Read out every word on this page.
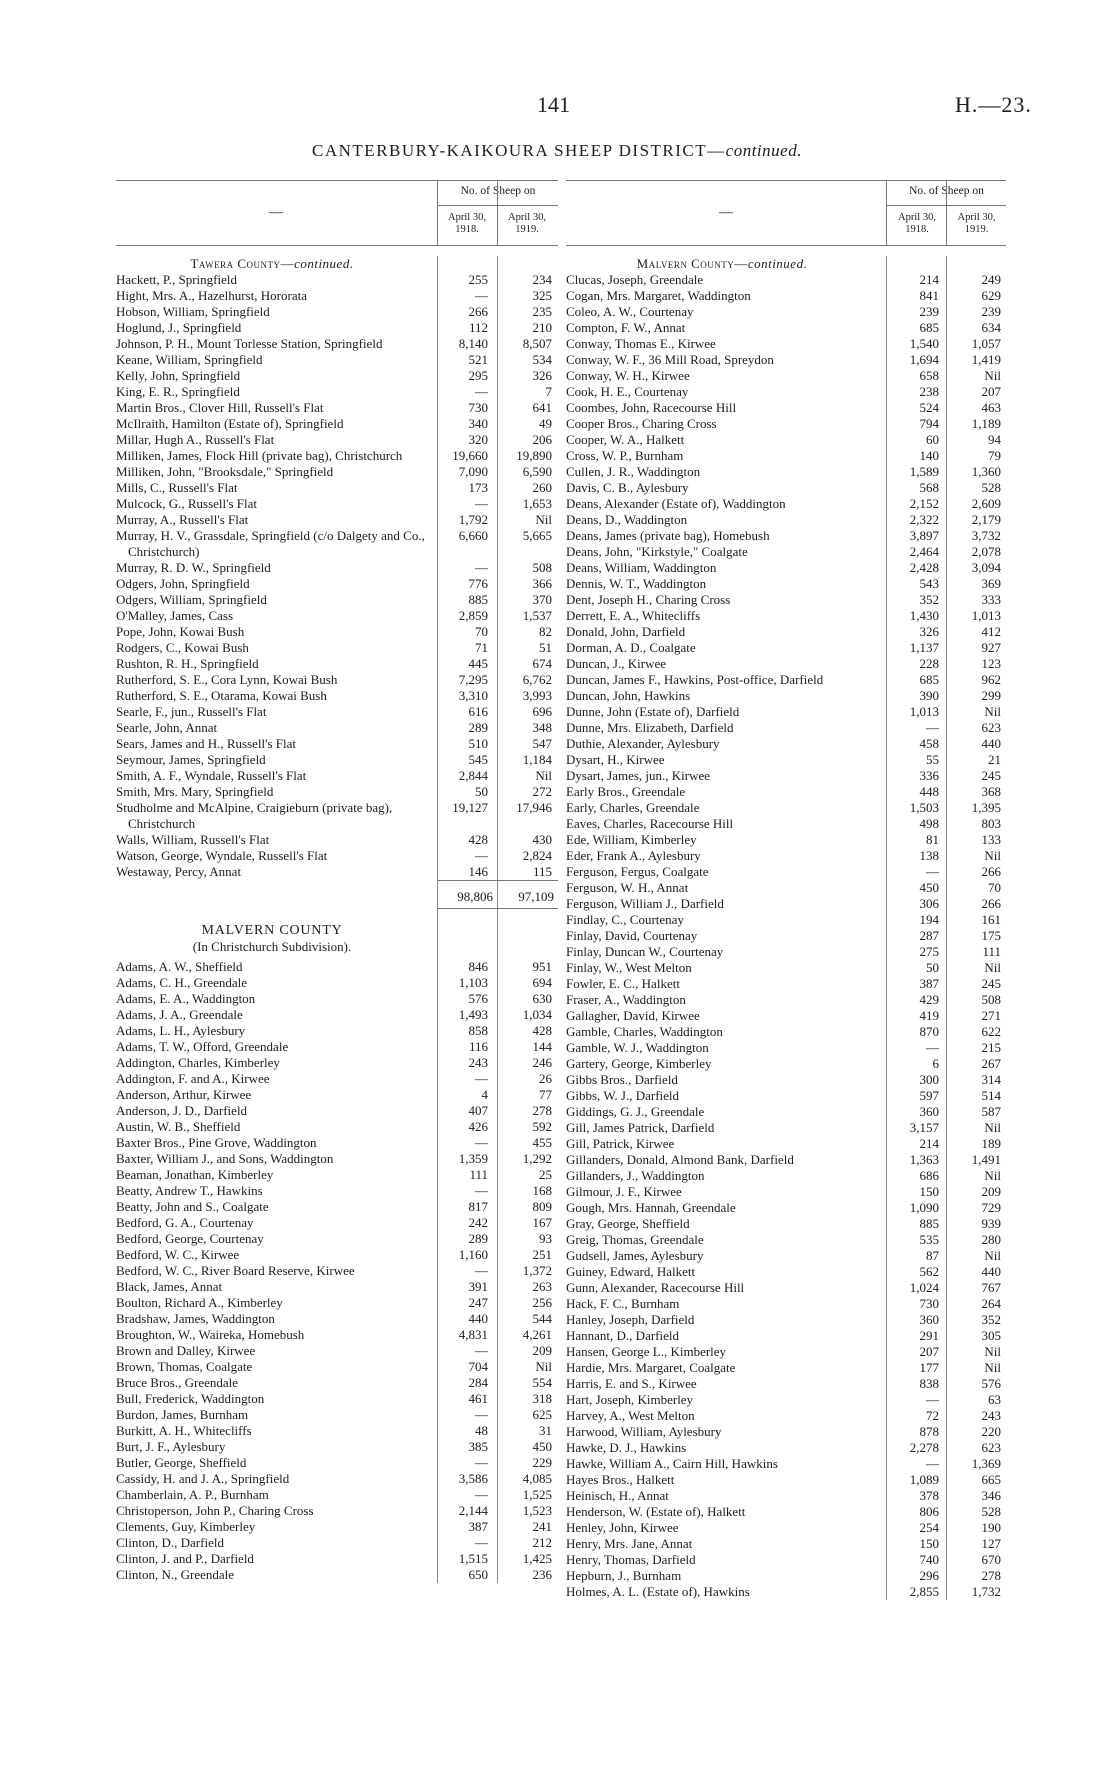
141	H.—23.
CANTERBURY-KAIKOURA SHEEP DISTRICT—continued.
—
No. of Sheep on
April 30, 1918.
April 30, 1919.
Tawera County—continued.
Hackett, P., Springfield	255	234
Hight, Mrs. A., Hazelhurst, Hororata	—	325
Hobson, William, Springfield	266	235
Hoglund, J., Springfield	112	210
Johnson, P. H., Mount Torlesse Station, Springfield	8,140	8,507
Keane, William, Springfield	521	534
Kelly, John, Springfield	295	326
King, E. R., Springfield	—	7
Martin Bros., Clover Hill, Russell's Flat	730	641
McIlraith, Hamilton (Estate of), Springfield	340	49
Millar, Hugh A., Russell's Flat	320	206
Milliken, James, Flock Hill (private bag), Christchurch	19,660	19,890
Milliken, John, "Brooksdale," Springfield	7,090	6,590
Mills, C., Russell's Flat	173	260
Mulcock, G., Russell's Flat	—	1,653
Murray, A., Russell's Flat	1,792	Nil
Murray, H. V., Grassdale, Springfield (c/o Dalgety and Co., Christchurch)
6,660	5,665
Murray, R. D. W., Springfield	—	508
Odgers, John, Springfield	776	366
Odgers, William, Springfield	885	370
O'Malley, James, Cass	2,859	1,537
Pope, John, Kowai Bush	70	82
Rodgers, C., Kowai Bush	71	51
Rushton, R. H., Springfield	445	674
Rutherford, S. E., Cora Lynn, Kowai Bush	7,295	6,762
Rutherford, S. E., Otarama, Kowai Bush	3,310	3,993
Searle, F., jun., Russell's Flat	616	696
Searle, John, Annat	289	348
Sears, James and H., Russell's Flat	510	547
Seymour, James, Springfield	545	1,184
Smith, A. F., Wyndale, Russell's Flat	2,844	Nil
Smith, Mrs. Mary, Springfield	50	272
Studholme and McAlpine, Craigieburn (private bag), Christchurch
19,127	17,946
Walls, William, Russell's Flat	428	430
Watson, George, Wyndale, Russell's Flat	—	2,824
Westaway, Percy, Annat	146	115
98,806	97,109
MALVERN COUNTY
(In Christchurch Subdivision).
Adams, A. W., Sheffield	846	951
Adams, C. H., Greendale	1,103	694
Adams, E. A., Waddington	576	630
Adams, J. A., Greendale	1,493	1,034
Adams, L. H., Aylesbury	858	428
Adams, T. W., Offord, Greendale	116	144
Addington, Charles, Kimberley	243	246
Addington, F. and A., Kirwee	—	26
Anderson, Arthur, Kirwee	4	77
Anderson, J. D., Darfield	407	278
Austin, W. B., Sheffield	426	592
Baxter Bros., Pine Grove, Waddington	—	455
Baxter, William J., and Sons, Waddington	1,359	1,292
Beaman, Jonathan, Kimberley	111	25
Beatty, Andrew T., Hawkins	—	168
Beatty, John and S., Coalgate	817	809
Bedford, G. A., Courtenay	242	167
Bedford, George, Courtenay	289	93
Bedford, W. C., Kirwee	1,160	251
Bedford, W. C., River Board Reserve, Kirwee	—	1,372
Black, James, Annat	391	263
Boulton, Richard A., Kimberley	247	256
Bradshaw, James, Waddington	440	544
Broughton, W., Waireka, Homebush	4,831	4,261
Brown and Dalley, Kirwee	—	209
Brown, Thomas, Coalgate	704	Nil
Bruce Bros., Greendale	284	554
Bull, Frederick, Waddington	461	318
Burdon, James, Burnham	—	625
Burkitt, A. H., Whitecliffs	48	31
Burt, J. F., Aylesbury	385	450
Butler, George, Sheffield	—	229
Cassidy, H. and J. A., Springfield	3,586	4,085
Chamberlain, A. P., Burnham	—	1,525
Christoperson, John P., Charing Cross	2,144	1,523
Clements, Guy, Kimberley	387	241
Clinton, D., Darfield	—	212
Clinton, J. and P., Darfield	1,515	1,425
Clinton, N., Greendale	650	236
—
No. of Sheep on
April 30, 1918.
April 30, 1919.
Malvern County—continued.
Clucas, Joseph, Greendale	214	249
Cogan, Mrs. Margaret, Waddington	841	629
Coleo, A. W., Courtenay	239	239
Compton, F. W., Annat	685	634
Conway, Thomas E., Kirwee	1,540	1,057
Conway, W. F., 36 Mill Road, Spreydon	1,694	1,419
Conway, W. H., Kirwee	658	Nil
Cook, H. E., Courtenay	238	207
Coombes, John, Racecourse Hill	524	463
Cooper Bros., Charing Cross	794	1,189
Cooper, W. A., Halkett	60	94
Cross, W. P., Burnham	140	79
Cullen, J. R., Waddington	1,589	1,360
Davis, C. B., Aylesbury	568	528
Deans, Alexander (Estate of), Waddington	2,152	2,609
Deans, D., Waddington	2,322	2,179
Deans, James (private bag), Homebush	3,897	3,732
Deans, John, "Kirkstyle," Coalgate	2,464	2,078
Deans, William, Waddington	2,428	3,094
Dennis, W. T., Waddington	543	369
Dent, Joseph H., Charing Cross	352	333
Derrett, E. A., Whitecliffs	1,430	1,013
Donald, John, Darfield	326	412
Dorman, A. D., Coalgate	1,137	927
Duncan, J., Kirwee	228	123
Duncan, James F., Hawkins, Post-office, Darfield	685	962
Duncan, John, Hawkins	390	299
Dunne, John (Estate of), Darfield	1,013	Nil
Dunne, Mrs. Elizabeth, Darfield	—	623
Duthie, Alexander, Aylesbury	458	440
Dysart, H., Kirwee	55	21
Dysart, James, jun., Kirwee	336	245
Early Bros., Greendale	448	368
Early, Charles, Greendale	1,503	1,395
Eaves, Charles, Racecourse Hill	498	803
Ede, William, Kimberley	81	133
Eder, Frank A., Aylesbury	138	Nil
Ferguson, Fergus, Coalgate	—	266
Ferguson, W. H., Annat	450	70
Ferguson, William J., Darfield	306	266
Findlay, C., Courtenay	194	161
Finlay, David, Courtenay	287	175
Finlay, Duncan W., Courtenay	275	111
Finlay, W., West Melton	50	Nil
Fowler, E. C., Halkett	387	245
Fraser, A., Waddington	429	508
Gallagher, David, Kirwee	419	271
Gamble, Charles, Waddington	870	622
Gamble, W. J., Waddington	—	215
Gartery, George, Kimberley	6	267
Gibbs Bros., Darfield	300	314
Gibbs, W. J., Darfield	597	514
Giddings, G. J., Greendale	360	587
Gill, James Patrick, Darfield	3,157	Nil
Gill, Patrick, Kirwee	214	189
Gillanders, Donald, Almond Bank, Darfield	1,363	1,491
Gillanders, J., Waddington	686	Nil
Gilmour, J. F., Kirwee	150	209
Gough, Mrs. Hannah, Greendale	1,090	729
Gray, George, Sheffield	885	939
Greig, Thomas, Greendale	535	280
Gudsell, James, Aylesbury	87	Nil
Guiney, Edward, Halkett	562	440
Gunn, Alexander, Racecourse Hill	1,024	767
Hack, F. C., Burnham	730	264
Hanley, Joseph, Darfield	360	352
Hannant, D., Darfield	291	305
Hansen, George L., Kimberley	207	Nil
Hardie, Mrs. Margaret, Coalgate	177	Nil
Harris, E. and S., Kirwee	838	576
Hart, Joseph, Kimberley	—	63
Harvey, A., West Melton	72	243
Harwood, William, Aylesbury	878	220
Hawke, D. J., Hawkins	2,278	623
Hawke, William A., Cairn Hill, Hawkins	—	1,369
Hayes Bros., Halkett	1,089	665
Heinisch, H., Annat	378	346
Henderson, W. (Estate of), Halkett	806	528
Henley, John, Kirwee	254	190
Henry, Mrs. Jane, Annat	150	127
Henry, Thomas, Darfield	740	670
Hepburn, J., Burnham	296	278
Holmes, A. L. (Estate of), Hawkins	2,855	1,732
